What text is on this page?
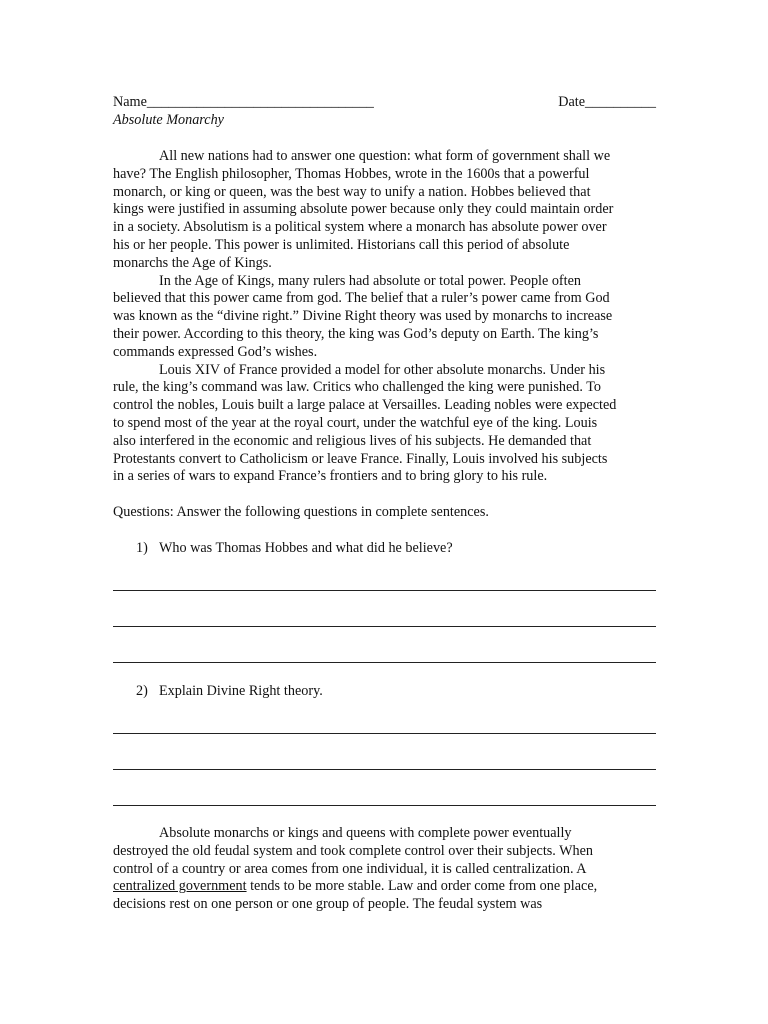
Name________________________________	Date__________
Absolute Monarchy

All new nations had to answer one question: what form of government shall we
have? The English philosopher, Thomas Hobbes, wrote in the 1600s that a powerful
monarch, or king or queen, was the best way to unify a nation. Hobbes believed that
kings were justified in assuming absolute power because only they could maintain order
in a society. Absolutism is a political system where a monarch has absolute power over
his or her people. This power is unlimited. Historians call this period of absolute
monarchs the Age of Kings.

In the Age of Kings, many rulers had absolute or total power. People often
believed that this power came from god. The belief that a ruler’s power came from God
was known as the “divine right.” Divine Right theory was used by monarchs to increase
their power. According to this theory, the king was God’s deputy on Earth. The king’s
commands expressed God’s wishes.

Louis XIV of France provided a model for other absolute monarchs. Under his
rule, the king’s command was law. Critics who challenged the king were punished. To
control the nobles, Louis built a large palace at Versailles. Leading nobles were expected
to spend most of the year at the royal court, under the watchful eye of the king. Louis
also interfered in the economic and religious lives of his subjects. He demanded that
Protestants convert to Catholicism or leave France. Finally, Louis involved his subjects
in a series of wars to expand France’s frontiers and to bring glory to his rule.

Questions: Answer the following questions in complete sentences.
1) Who was Thomas Hobbes and what did he believe?
2) Explain Divine Right theory.

Absolute monarchs or kings and queens with complete power eventually
destroyed the old feudal system and took complete control over their subjects. When
control of a country or area comes from one individual, it is called centralization. A
centralized government tends to be more stable. Law and order come from one place,
decisions rest on one person or one group of people. The feudal system was
